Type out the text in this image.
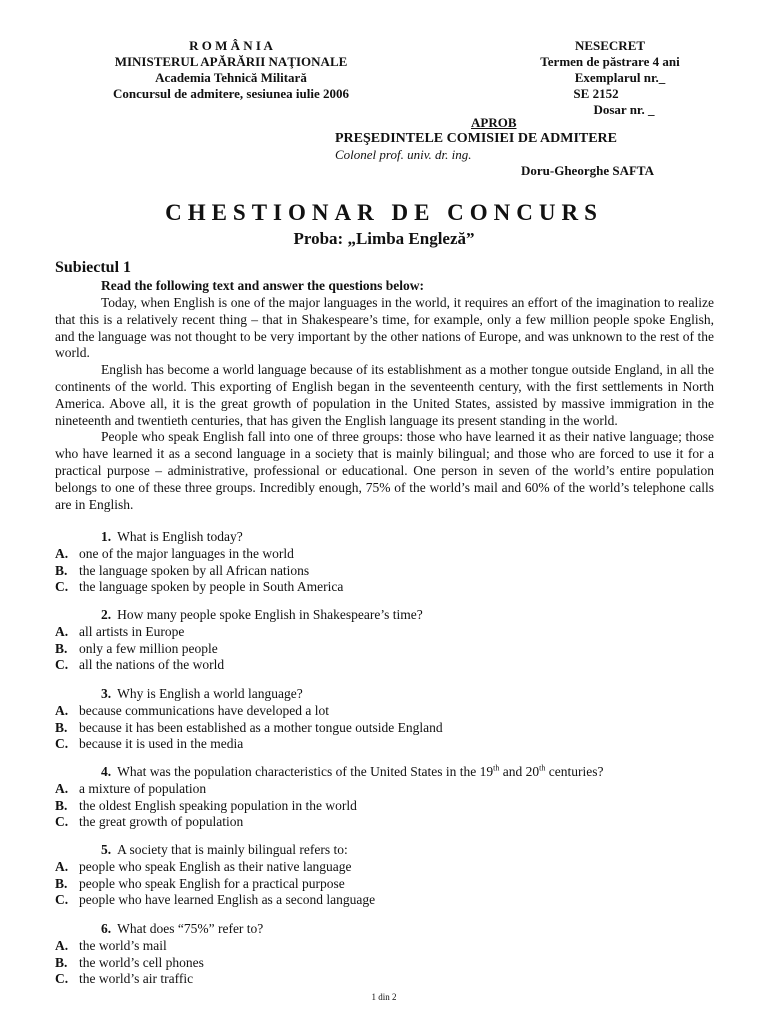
R O M Â N I A
MINISTERUL APĂRĂRII NAŢIONALE
Academia Tehnică Militară
Concursul de admitere, sesiunea iulie 2006
NESECRET
Termen de păstrare 4 ani
Exemplarul nr._
SE 2152
Dosar nr. _
APROB
PREŞEDINTELE COMISIEI DE ADMITERE
Colonel prof. univ. dr. ing.
Doru-Gheorghe SAFTA
CHESTIONAR DE CONCURS
Proba: „Limba Engleză”
Subiectul 1
Read the following text and answer the questions below:

Today, when English is one of the major languages in the world, it requires an effort of the imagination to realize that this is a relatively recent thing – that in Shakespeare’s time, for example, only a few million people spoke English, and the language was not thought to be very important by the other nations of Europe, and was unknown to the rest of the world.

English has become a world language because of its establishment as a mother tongue outside England, in all the continents of the world. This exporting of English began in the seventeenth century, with the first settlements in North America. Above all, it is the great growth of population in the United States, assisted by massive immigration in the nineteenth and twentieth centuries, that has given the English language its present standing in the world.

People who speak English fall into one of three groups: those who have learned it as their native language; those who have learned it as a second language in a society that is mainly bilingual; and those who are forced to use it for a practical purpose – administrative, professional or educational. One person in seven of the world’s entire population belongs to one of these three groups. Incredibly enough, 75% of the world’s mail and 60% of the world’s telephone calls are in English.

1. What is English today?
A. one of the major languages in the world
B. the language spoken by all African nations
C. the language spoken by people in South America
2. How many people spoke English in Shakespeare’s time?
A. all artists in Europe
B. only a few million people
C. all the nations of the world
3. Why is English a world language?
A. because communications have developed a lot
B. because it has been established as a mother tongue outside England
C. because it is used in the media
4. What was the population characteristics of the United States in the 19th and 20th centuries?
A. a mixture of population
B. the oldest English speaking population in the world
C. the great growth of population
5. A society that is mainly bilingual refers to:
A. people who speak English as their native language
B. people who speak English for a practical purpose
C. people who have learned English as a second language
6. What does “75%” refer to?
A. the world’s mail
B. the world’s cell phones
C. the world’s air traffic
1 din 2
